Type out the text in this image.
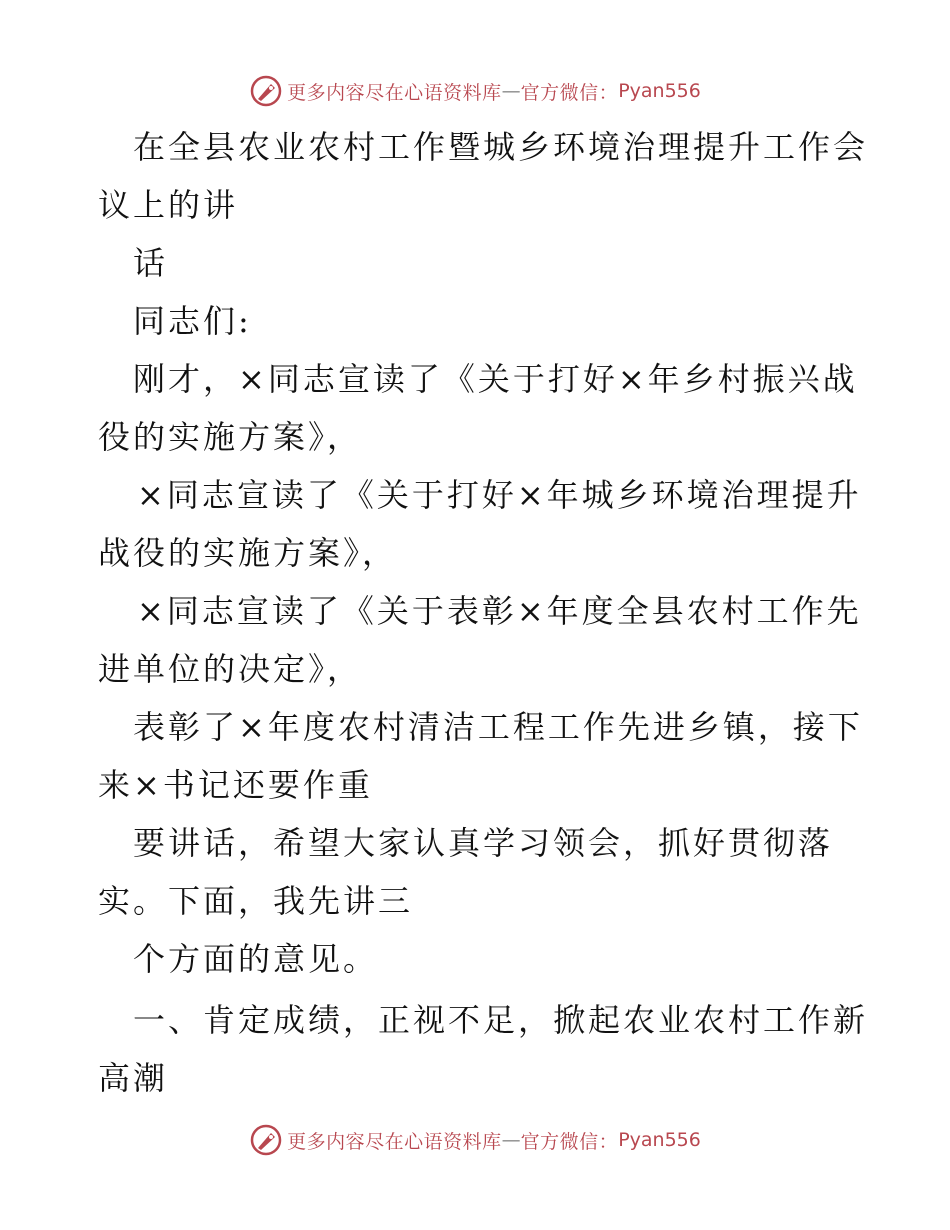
更多内容尽在心语资料库 — 官方微信： Pyan556
在全县农业农村工作暨城乡环境治理提升工作会
议上的讲
话
同志们:
刚才，×同志宣读了《关于打好×年乡村振兴战
役的实施方案》，
×同志宣读了《关于打好×年城乡环境治理提升
战役的实施方案》，
×同志宣读了《关于表彰×年度全县农村工作先
进单位的决定》，
表彰了×年度农村清洁工程工作先进乡镇，接下
来×书记还要作重
要讲话，希望大家认真学习领会，抓好贯彻落
实。下面，我先讲三
个方面的意见。
一、肯定成绩，正视不足，掀起农业农村工作新
高潮
更多内容尽在心语资料库 — 官方微信： Pyan556
